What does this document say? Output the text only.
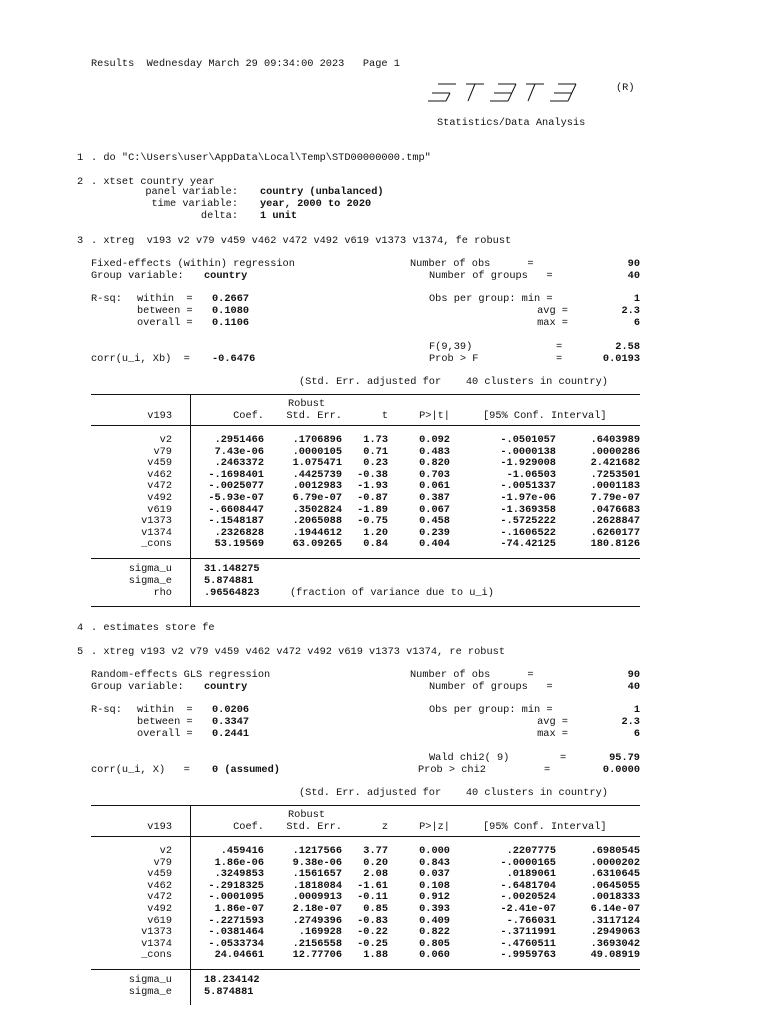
Results  Wednesday March 29 09:34:00 2023   Page 1
(R)
Statistics/Data Analysis
1 . do "C:\Users\user\AppData\Local\Temp\STD00000000.tmp"
2 . xtset country year
panel variable: country (unbalanced)
time variable: year, 2000 to 2020
delta: 1 unit
3 . xtreg  v193 v2 v79 v459 v462 v472 v492 v619 v1373 v1374, fe robust
Fixed-effects (within) regression
Group variable: country
Number of obs      =	90
Number of groups   =	40
R-sq: within  = 0.2667
between = 0.1080
overall = 0.1106
Obs per group: min =	1
avg =	2.3
max =	6
F(9,39)	=	2.58
corr(u_i, Xb)  = -0.6476	Prob > F	=	0.0193
(Std. Err. adjusted for    40 clusters in country)
Robust
v193	Coef.	Std. Err.	t	P>|t|	[95% Conf. Interval]
v2	.2951466	.1706896	1.73	0.092	-.0501057	.6403989
v79	7.43e-06	.0000105	0.71	0.483	-.0000138	.0000286
v459	.2463372	1.075471	0.23	0.820	-1.929008	2.421682
v462	-.1698401	.4425739	-0.38	0.703	-1.06503	.7253501
v472	-.0025077	.0012983	-1.93	0.061	-.0051337	.0001183
v492	-5.93e-07	6.79e-07	-0.87	0.387	-1.97e-06	7.79e-07
v619	-.6608447	.3502824	-1.89	0.067	-1.369358	.0476683
v1373	-.1548187	.2065088	-0.75	0.458	-.5725222	.2628847
v1374	.2326828	.1944612	1.20	0.239	-.1606522	.6260177
_cons	53.19569	63.09265	0.84	0.404	-74.42125	180.8126
sigma_u	31.148275
sigma_e	5.874881
rho	.96564823	(fraction of variance due to u_i)
4 . estimates store fe
5 . xtreg v193 v2 v79 v459 v462 v472 v492 v619 v1373 v1374, re robust
Random-effects GLS regression
Group variable: country
Number of obs      =	90
Number of groups   =	40
R-sq: within  = 0.0206
between = 0.3347
overall = 0.2441
Obs per group: min =	1
avg =	2.3
max =	6
Wald chi2( 9)	=	95.79
corr(u_i, X)   = 0 (assumed)	Prob > chi2	=	0.0000
(Std. Err. adjusted for    40 clusters in country)
Robust
v193	Coef.	Std. Err.	z	P>|z|	[95% Conf. Interval]
v2	.459416	.1217566	3.77	0.000	.2207775	.6980545
v79	1.86e-06	9.38e-06	0.20	0.843	-.0000165	.0000202
v459	.3249853	.1561657	2.08	0.037	.0189061	.6310645
v462	-.2918325	.1818084	-1.61	0.108	-.6481704	.0645055
v472	-.0001095	.0009913	-0.11	0.912	-.0020524	.0018333
v492	1.86e-07	2.18e-07	0.85	0.393	-2.41e-07	6.14e-07
v619	-.2271593	.2749396	-0.83	0.409	-.766031	.3117124
v1373	-.0381464	.169928	-0.22	0.822	-.3711991	.2949063
v1374	-.0533734	.2156558	-0.25	0.805	-.4760511	.3693042
_cons	24.04661	12.77706	1.88	0.060	-.9959763	49.08919
sigma_u	18.234142
sigma_e	5.874881
